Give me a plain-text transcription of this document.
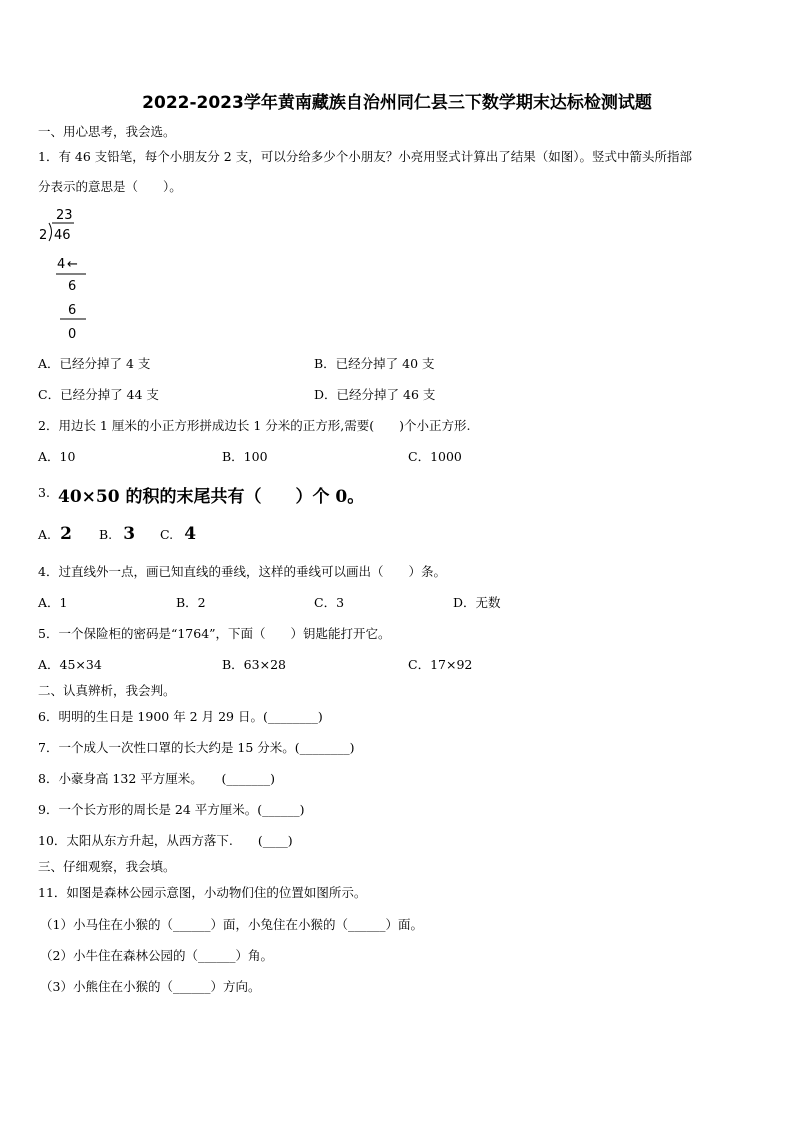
2022-2023学年黄南藏族自治州同仁县三下数学期末达标检测试题
一、用心思考，我会选。
1．有 46 支铅笔，每个小朋友分 2 支，可以分给多少个小朋友？小亮用竖式计算出了结果（如图）。竖式中箭头所指部
分表示的意思是（　　）。
23
2 46
4 ←
6
6
0
A．已经分掉了 4 支	B．已经分掉了 40 支
C．已经分掉了 44 支	D．已经分掉了 46 支
2．用边长 1 厘米的小正方形拼成边长 1 分米的正方形,需要(　　)个小正方形.
A．10	B．100	C．1000
3. 40×50 的积的末尾共有（　　）个 0。
A. 2 B. 3 C. 4
4．过直线外一点，画已知直线的垂线，这样的垂线可以画出（　　）条。
A．1	B．2	C．3	D．无数
5．一个保险柜的密码是“1764”，下面（　　）钥匙能打开它。
A．45×34	B．63×28	C．17×92
二、认真辨析，我会判。
6．明明的生日是 1900 年 2 月 29 日。(________)
7．一个成人一次性口罩的长大约是 15 分米。(________)
8．小豪身高 132 平方厘米。　　(_______)
9．一个长方形的周长是 24 平方厘米。(______)
10．太阳从东方升起，从西方落下.　　(____)
三、仔细观察，我会填。
11．如图是森林公园示意图，小动物们住的位置如图所示。
（1）小马住在小猴的（______）面，小兔住在小猴的（______）面。
（2）小牛住在森林公园的（______）角。
（3）小熊住在小猴的（______）方向。
